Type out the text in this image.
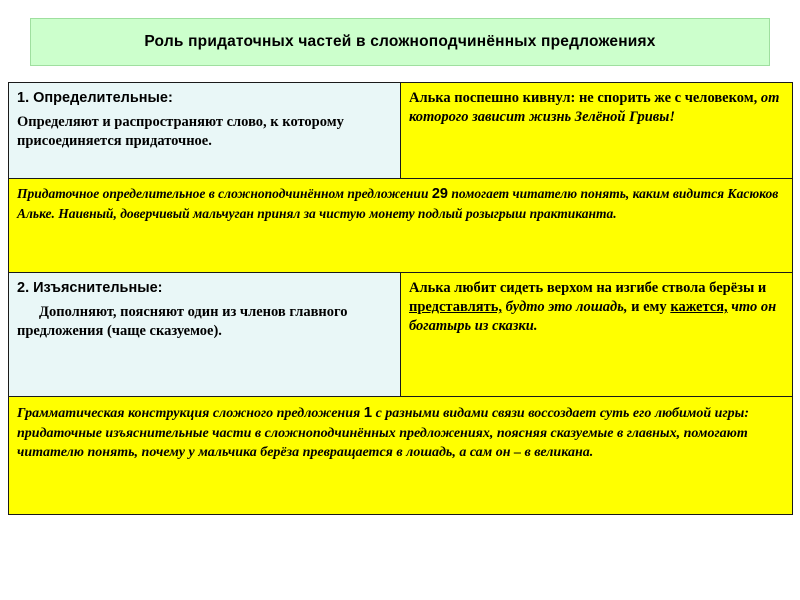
Роль придаточных частей в сложноподчинённых предложениях

1. Определительные:

Определяют и распространяют слово, к которому присоединяется придаточное.	Алька поспешно кивнул: не спорить же с человеком, от которого зависит жизнь Зелёной Гривы!

Придаточное определительное в сложноподчинённом предложении 29 помогает читателю понять, каким видится Касюков Альке. Наивный, доверчивый мальчуган принял за чистую монету подлый розыгрыш практиканта.	

2. Изъяснительные:

Дополняют, поясняют один из членов главного предложения (чаще сказуемое).	Алька любит сидеть верхом на изгибе ствола берёзы и представлять, будто это лошадь, и ему кажется, что он богатырь из сказки.

Грамматическая конструкция сложного предложения 1 с разными видами связи воссоздает суть его любимой игры: придаточные изъяснительные части в сложноподчинённых предложениях, поясняя сказуемые в главных, помогают читателю понять, почему у мальчика берёза превращается в лошадь, а сам он – в великана.	
